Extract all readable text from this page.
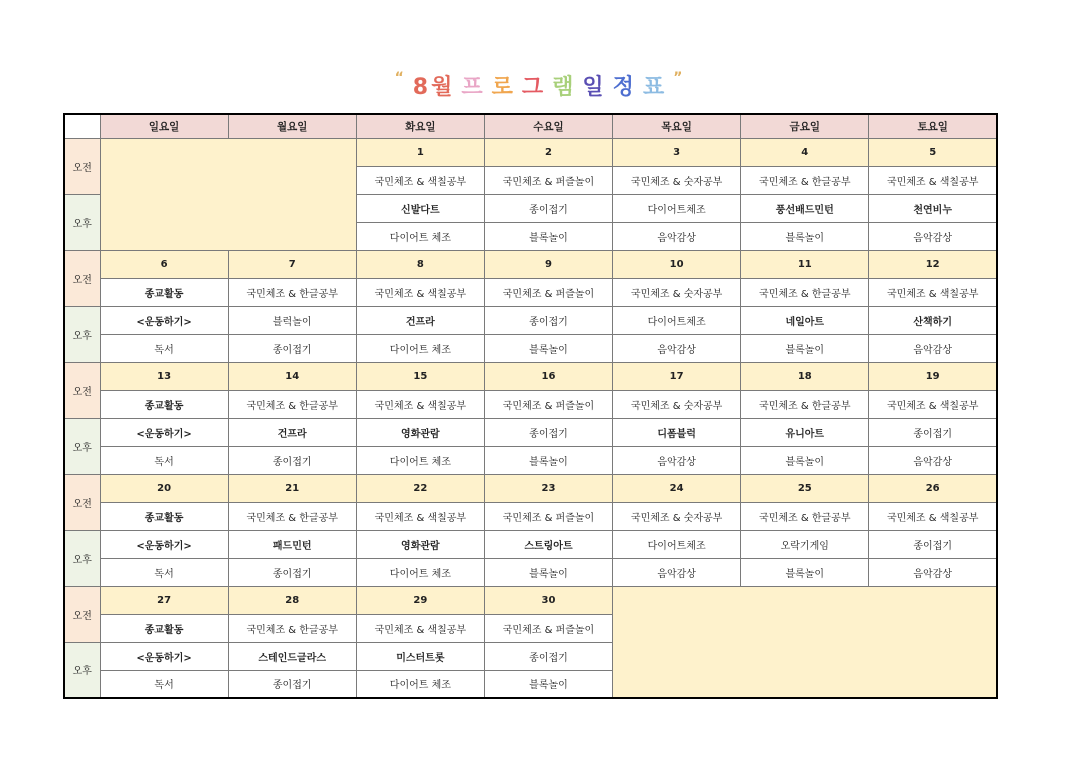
“ 8월 프 로 그 램 일 정 표 ”
	일요일	월요일	화요일	수요일	목요일	금요일	토요일
오전			1	2	3	4	5
			국민체조 & 색칠공부	국민체조 & 퍼즐놀이	국민체조 & 숫자공부	국민체조 & 한글공부	국민체조 & 색칠공부
오후			신발다트	종이접기	다이어트체조	풍선배드민턴	천연비누
			다이어트 체조	블록놀이	음악감상	블록놀이	음악감상
오전	6	7	8	9	10	11	12
	종교활동	국민체조 & 한글공부	국민체조 & 색칠공부	국민체조 & 퍼즐놀이	국민체조 & 숫자공부	국민체조 & 한글공부	국민체조 & 색칠공부
오후	<운동하기>	블럭놀이	건프라	종이접기	다이어트체조	네일아트	산책하기
	독서	종이접기	다이어트 체조	블록놀이	음악감상	블록놀이	음악감상
오전	13	14	15	16	17	18	19
	종교활동	국민체조 & 한글공부	국민체조 & 색칠공부	국민체조 & 퍼즐놀이	국민체조 & 숫자공부	국민체조 & 한글공부	국민체조 & 색칠공부
오후	<운동하기>	건프라	영화관람	종이접기	디폼블럭	유니아트	종이접기
	독서	종이접기	다이어트 체조	블록놀이	음악감상	블록놀이	음악감상
오전	20	21	22	23	24	25	26
	종교활동	국민체조 & 한글공부	국민체조 & 색칠공부	국민체조 & 퍼즐놀이	국민체조 & 숫자공부	국민체조 & 한글공부	국민체조 & 색칠공부
오후	<운동하기>	패드민턴	영화관람	스트링아트	다이어트체조	오락기게임	종이접기
	독서	종이접기	다이어트 체조	블록놀이	음악감상	블록놀이	음악감상
오전	27	28	29	30			
	종교활동	국민체조 & 한글공부	국민체조 & 색칠공부	국민체조 & 퍼즐놀이			
오후	<운동하기>	스테인드글라스	미스터트롯	종이접기			
	독서	종이접기	다이어트 체조	블록놀이			
